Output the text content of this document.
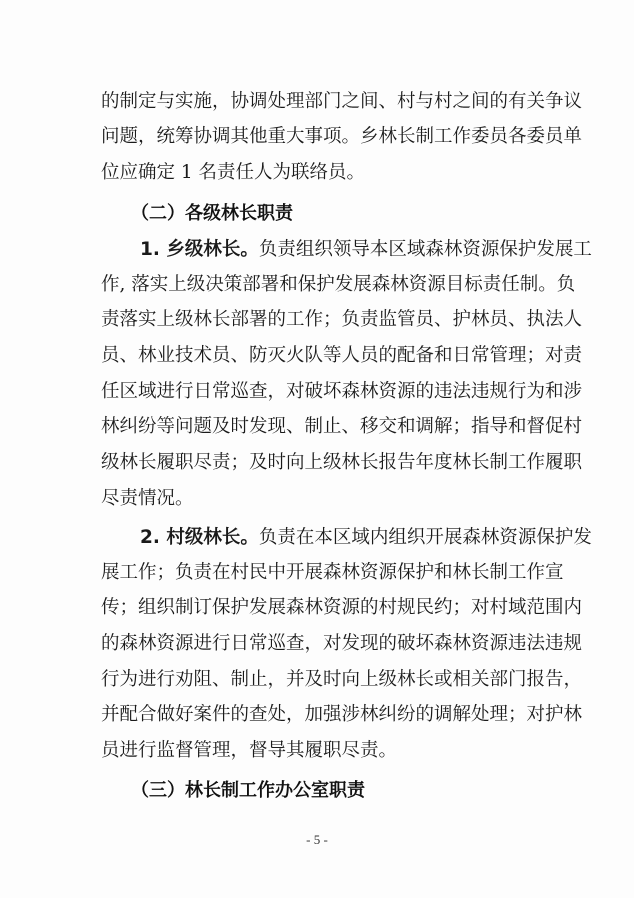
的制定与实施，协调处理部门之间、村与村之间的有关争议
问题，统筹协调其他重大事项。乡林长制工作委员各委员单
位应确定 1 名责任人为联络员。
（二）各级林长职责
1. 乡级林长。负责组织领导本区域森林资源保护发展工
作, 落实上级决策部署和保护发展森林资源目标责任制。负
责落实上级林长部署的工作；负责监管员、护林员、执法人
员、林业技术员、防灭火队等人员的配备和日常管理；对责
任区域进行日常巡查，对破坏森林资源的违法违规行为和涉
林纠纷等问题及时发现、制止、移交和调解；指导和督促村
级林长履职尽责；及时向上级林长报告年度林长制工作履职
尽责情况。
2. 村级林长。负责在本区域内组织开展森林资源保护发
展工作；负责在村民中开展森林资源保护和林长制工作宣
传；组织制订保护发展森林资源的村规民约；对村域范围内
的森林资源进行日常巡查，对发现的破坏森林资源违法违规
行为进行劝阻、制止，并及时向上级林长或相关部门报告，
并配合做好案件的查处，加强涉林纠纷的调解处理；对护林
员进行监督管理，督导其履职尽责。
（三）林长制工作办公室职责
- 5 -
